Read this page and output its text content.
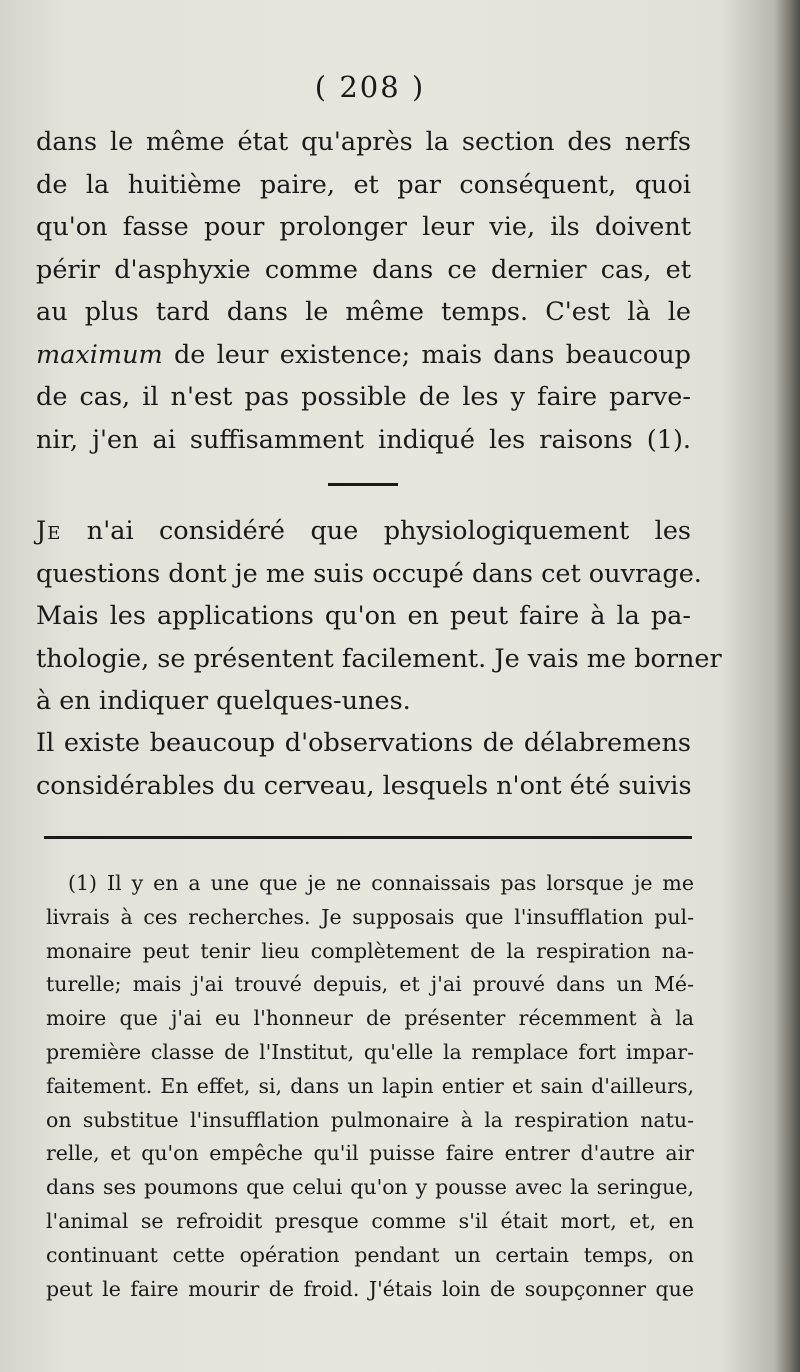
( 208 )
dans le même état qu'après la section des nerfs
de la huitième paire, et par conséquent, quoi
qu'on fasse pour prolonger leur vie, ils doivent
périr d'asphyxie comme dans ce dernier cas, et
au plus tard dans le même temps. C'est là le
maximum de leur existence; mais dans beaucoup
de cas, il n'est pas possible de les y faire parve-
nir, j'en ai suffisamment indiqué les raisons (1).
Je n'ai considéré que physiologiquement les
questions dont je me suis occupé dans cet ouvrage.
Mais les applications qu'on en peut faire à la pa-
thologie, se présentent facilement. Je vais me borner
à en indiquer quelques-unes.
Il existe beaucoup d'observations de délabremens
considérables du cerveau, lesquels n'ont été suivis
(1) Il y en a une que je ne connaissais pas lorsque je me
livrais à ces recherches. Je supposais que l'insufflation pul-
monaire peut tenir lieu complètement de la respiration na-
turelle; mais j'ai trouvé depuis, et j'ai prouvé dans un Mé-
moire que j'ai eu l'honneur de présenter récemment à la
première classe de l'Institut, qu'elle la remplace fort impar-
faitement. En effet, si, dans un lapin entier et sain d'ailleurs,
on substitue l'insufflation pulmonaire à la respiration natu-
relle, et qu'on empêche qu'il puisse faire entrer d'autre air
dans ses poumons que celui qu'on y pousse avec la seringue,
l'animal se refroidit presque comme s'il était mort, et, en
continuant cette opération pendant un certain temps, on
peut le faire mourir de froid. J'étais loin de soupçonner que
